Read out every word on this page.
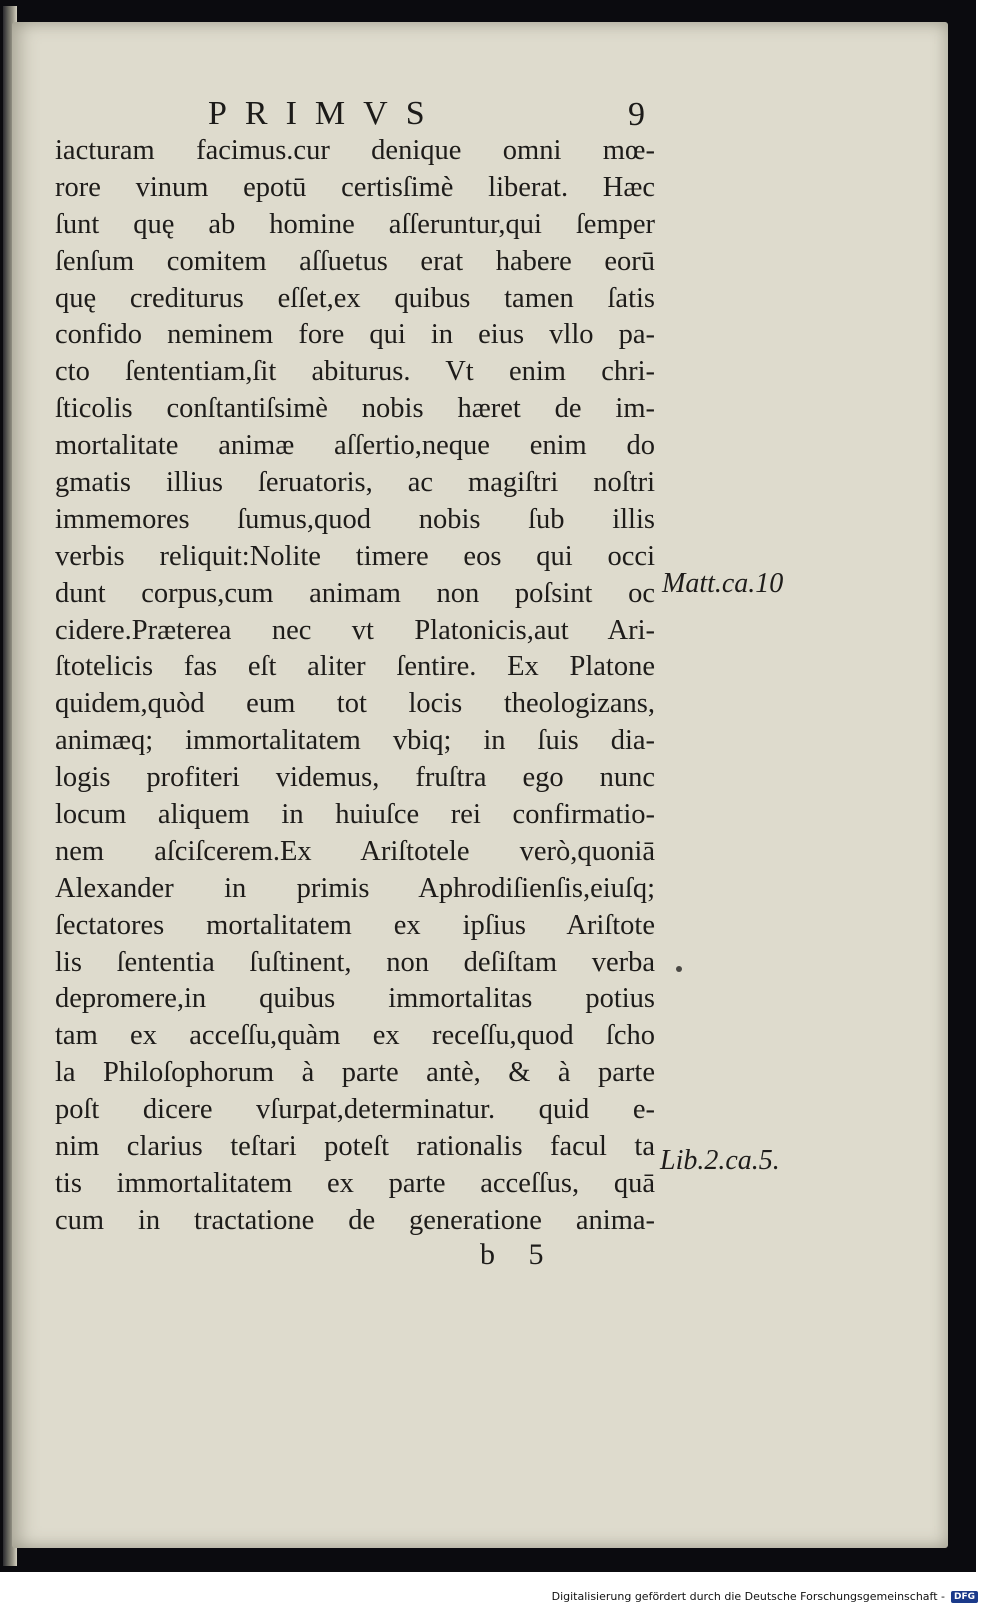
PRIMVS	9
iacturam facimus.cur denique omni mœ-
rore vinum epotū certisſimè liberat. Hæc
ſunt quę ab homine aſſeruntur,qui ſemper
ſenſum comitem aſſuetus erat habere eorū
quę crediturus eſſet,ex quibus tamen ſatis
confido neminem fore qui in eius vllo pa-
cto ſententiam,ſit abiturus. Vt enim chri-
ſticolis conſtantiſsimè nobis hæret de im-
mortalitate animæ aſſertio,neque enim do
gmatis illius ſeruatoris, ac magiſtri noſtri
immemores ſumus,quod nobis ſub illis
verbis reliquit:Nolite timere eos qui occi
dunt corpus,cum animam non poſsint oc
cidere.Præterea nec vt Platonicis,aut Ari-
ſtotelicis fas eſt aliter ſentire. Ex Platone
quidem,quòd eum tot locis theologizans,
animæq; immortalitatem vbiq; in ſuis dia-
logis profiteri videmus, fruſtra ego nunc
locum aliquem in huiuſce rei confirmatio-
nem aſciſcerem.Ex Ariſtotele verò,quoniā
Alexander in primis Aphrodiſienſis,eiuſq;
ſectatores mortalitatem ex ipſius Ariſtote
lis ſententia ſuſtinent, non deſiſtam verba
depromere,in quibus immortalitas potius
tam ex acceſſu,quàm ex receſſu,quod ſcho
la Philoſophorum à parte antè, & à parte
poſt dicere vſurpat,determinatur. quid e-
nim clarius teſtari poteſt rationalis facul ta
tis immortalitatem ex parte acceſſus, quā
cum in tractatione de generatione anima-
Matt.ca.10
Lib.2.ca.5.
b 5
Digitalisierung gefördert durch die Deutsche Forschungsgemeinschaft -	DFG
